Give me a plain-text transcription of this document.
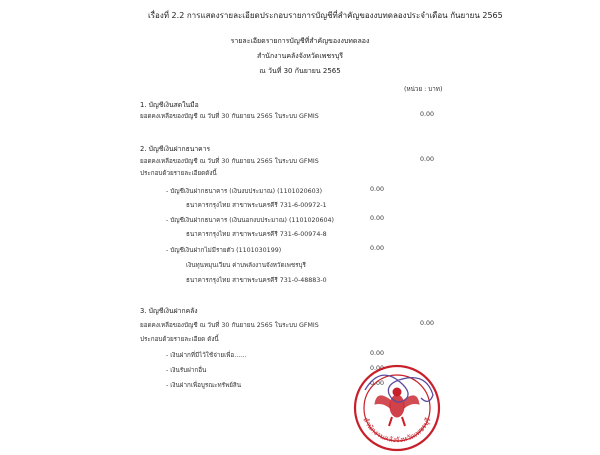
เรื่องที่ 2.2 การแสดงรายละเอียดประกอบรายการบัญชีที่สำคัญของงบทดลองประจำเดือน กันยายน 2565
รายละเอียดรายการบัญชีที่สำคัญของงบทดลอง
สำนักงานคลังจังหวัดเพชรบุรี
ณ วันที่ 30 กันยายน 2565
(หน่วย : บาท)
1. บัญชีเงินสดในมือ
ยอดคงเหลือของบัญชี ณ วันที่ 30 กันยายน 2565 ในระบบ GFMIS	0.00
2. บัญชีเงินฝากธนาคาร
ยอดคงเหลือของบัญชี ณ วันที่ 30 กันยายน 2565 ในระบบ GFMIS	0.00
ประกอบด้วยรายละเอียดดังนี้
- บัญชีเงินฝากธนาคาร (เงินงบประมาณ) (1101020603)	0.00
ธนาคารกรุงไทย สาขาพระนครคีรี 731-6-00972-1
- บัญชีเงินฝากธนาคาร (เงินนอกงบประมาณ) (1101020604)	0.00
ธนาคารกรุงไทย สาขาพระนครคีรี 731-6-00974-8
- บัญชีเงินฝากไม่มีรายตัว (1101030199)	0.00
เงินทุนหมุนเวียน ค่าบพลังงานจังหวัดเพชรบุรี
ธนาคารกรุงไทย สาขาพระนครคีรี 731-0-48883-0
3. บัญชีเงินฝากคลัง
ยอดคงเหลือของบัญชี ณ วันที่ 30 กันยายน 2565 ในระบบ GFMIS	0.00
ประกอบด้วยรายละเอียด ดังนี้
- เงินฝากที่มีไว้ใช้จ่ายเพื่อ......	0.00
- เงินรับฝากอื่น	0.00
- เงินฝากเพื่อบูรณะทรัพย์สิน	0.00
สำนักงานคลังจังหวัดเพชรบุรี
